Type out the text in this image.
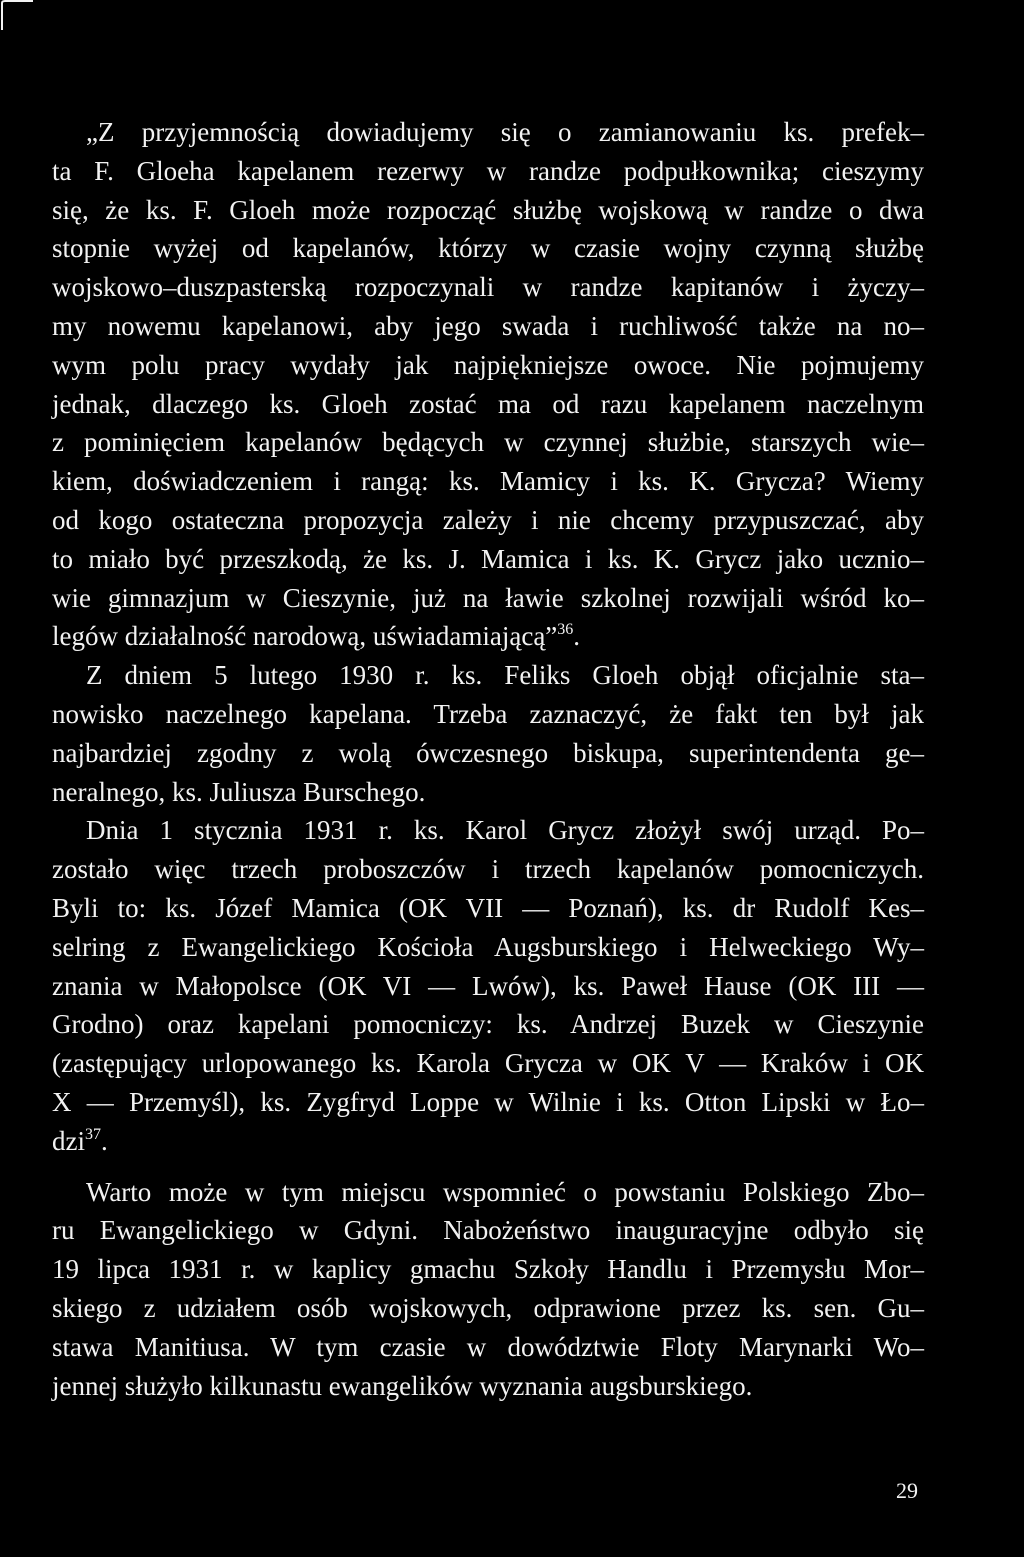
„Z przyjemnością dowiadujemy się o zamianowaniu ks. prefek–
ta F. Gloeha kapelanem rezerwy w randze podpułkownika; cieszymy
się, że ks. F. Gloeh może rozpocząć służbę wojskową w randze o dwa
stopnie wyżej od kapelanów, którzy w czasie wojny czynną służbę
wojskowo–duszpasterską rozpoczynali w randze kapitanów i życzy–
my nowemu kapelanowi, aby jego swada i ruchliwość także na no–
wym polu pracy wydały jak najpiękniejsze owoce. Nie pojmujemy
jednak, dlaczego ks. Gloeh zostać ma od razu kapelanem naczelnym
z pominięciem kapelanów będących w czynnej służbie, starszych wie–
kiem, doświadczeniem i rangą: ks. Mamicy i ks. K. Grycza? Wiemy
od kogo ostateczna propozycja zależy i nie chcemy przypuszczać, aby
to miało być przeszkodą, że ks. J. Mamica i ks. K. Grycz jako ucznio–
wie gimnazjum w Cieszynie, już na ławie szkolnej rozwijali wśród ko–
legów działalność narodową, uświadamiającą”$^{36}$.
Z dniem 5 lutego 1930 r. ks. Feliks Gloeh objął oficjalnie sta–
nowisko naczelnego kapelana. Trzeba zaznaczyć, że fakt ten był jak
najbardziej zgodny z wolą ówczesnego biskupa, superintendenta ge–
neralnego, ks. Juliusza Burschego.
Dnia 1 stycznia 1931 r. ks. Karol Grycz złożył swój urząd. Po–
zostało więc trzech proboszczów i trzech kapelanów pomocniczych.
Byli to: ks. Józef Mamica (OK VII — Poznań), ks. dr Rudolf Kes–
selring z Ewangelickiego Kościoła Augsburskiego i Helweckiego Wy–
znania w Małopolsce (OK VI — Lwów), ks. Paweł Hause (OK III —
Grodno) oraz kapelani pomocniczy: ks. Andrzej Buzek w Cieszynie
(zastępujący urlopowanego ks. Karola Grycza w OK V — Kraków i OK
X — Przemyśl), ks. Zygfryd Loppe w Wilnie i ks. Otton Lipski w Ło–
dzi$^{37}$.
Warto może w tym miejscu wspomnieć o powstaniu Polskiego Zbo–
ru Ewangelickiego w Gdyni. Nabożeństwo inauguracyjne odbyło się
19 lipca 1931 r. w kaplicy gmachu Szkoły Handlu i Przemysłu Mor–
skiego z udziałem osób wojskowych, odprawione przez ks. sen. Gu–
stawa Manitiusa. W tym czasie w dowództwie Floty Marynarki Wo–
jennej służyło kilkunastu ewangelików wyznania augsburskiego.
29
